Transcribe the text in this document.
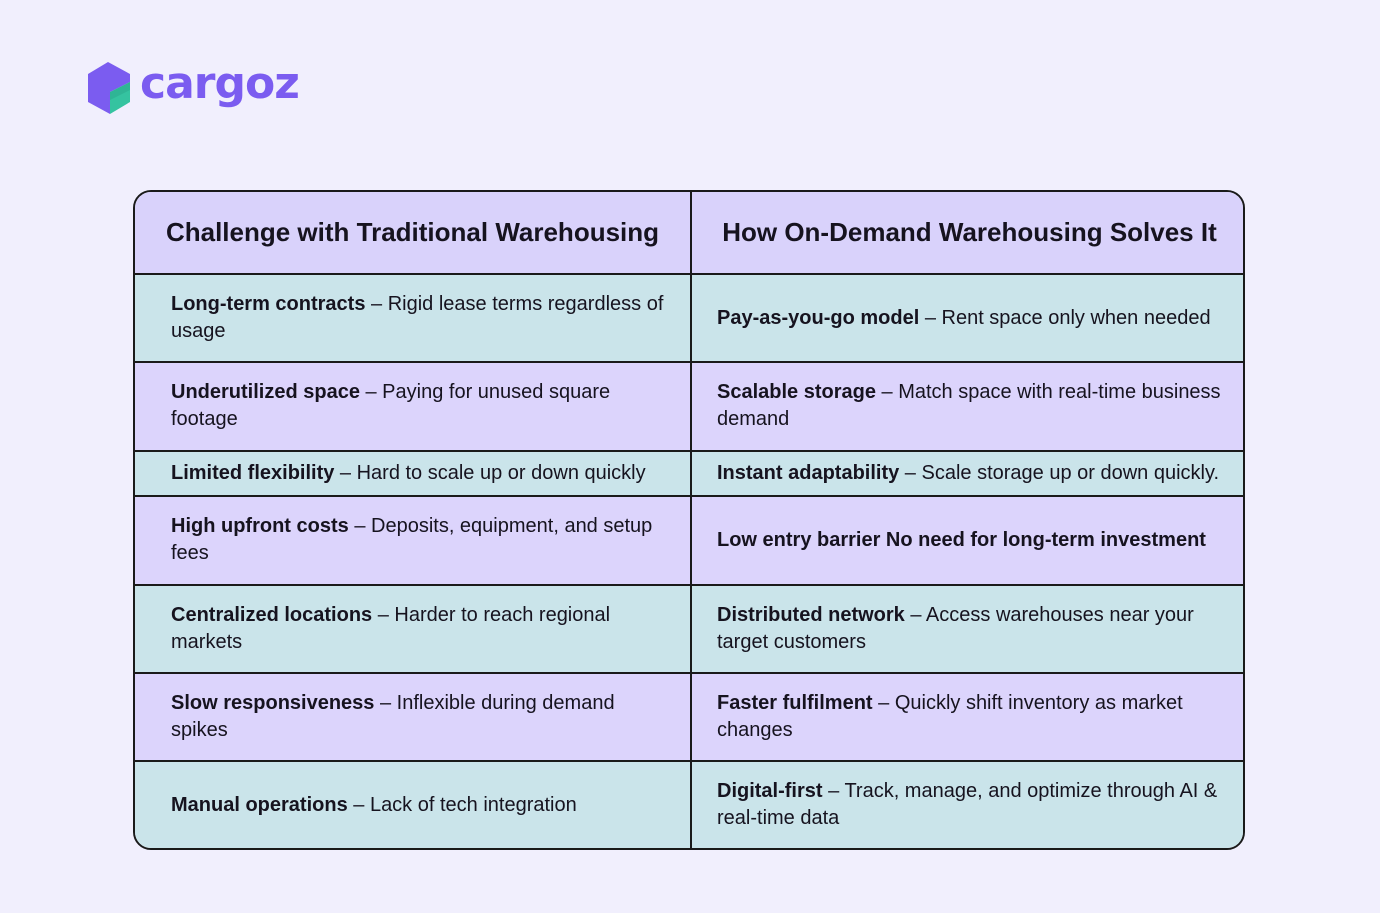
cargoz
Challenge with Traditional Warehousing	How On-Demand Warehousing Solves It
Long-term contracts – Rigid lease terms regardless of usage	Pay-as-you-go model – Rent space only when needed
Underutilized space – Paying for unused square footage	Scalable storage – Match space with real-time business demand
Limited flexibility – Hard to scale up or down quickly	Instant adaptability – Scale storage up or down quickly.
High upfront costs – Deposits, equipment, and setup fees	Low entry barrier No need for long-term investment
Centralized locations – Harder to reach regional markets	Distributed network – Access warehouses near your target customers
Slow responsiveness – Inflexible during demand spikes	Faster fulfilment – Quickly shift inventory as market changes
Manual operations – Lack of tech integration	Digital-first – Track, manage, and optimize through AI & real-time data
